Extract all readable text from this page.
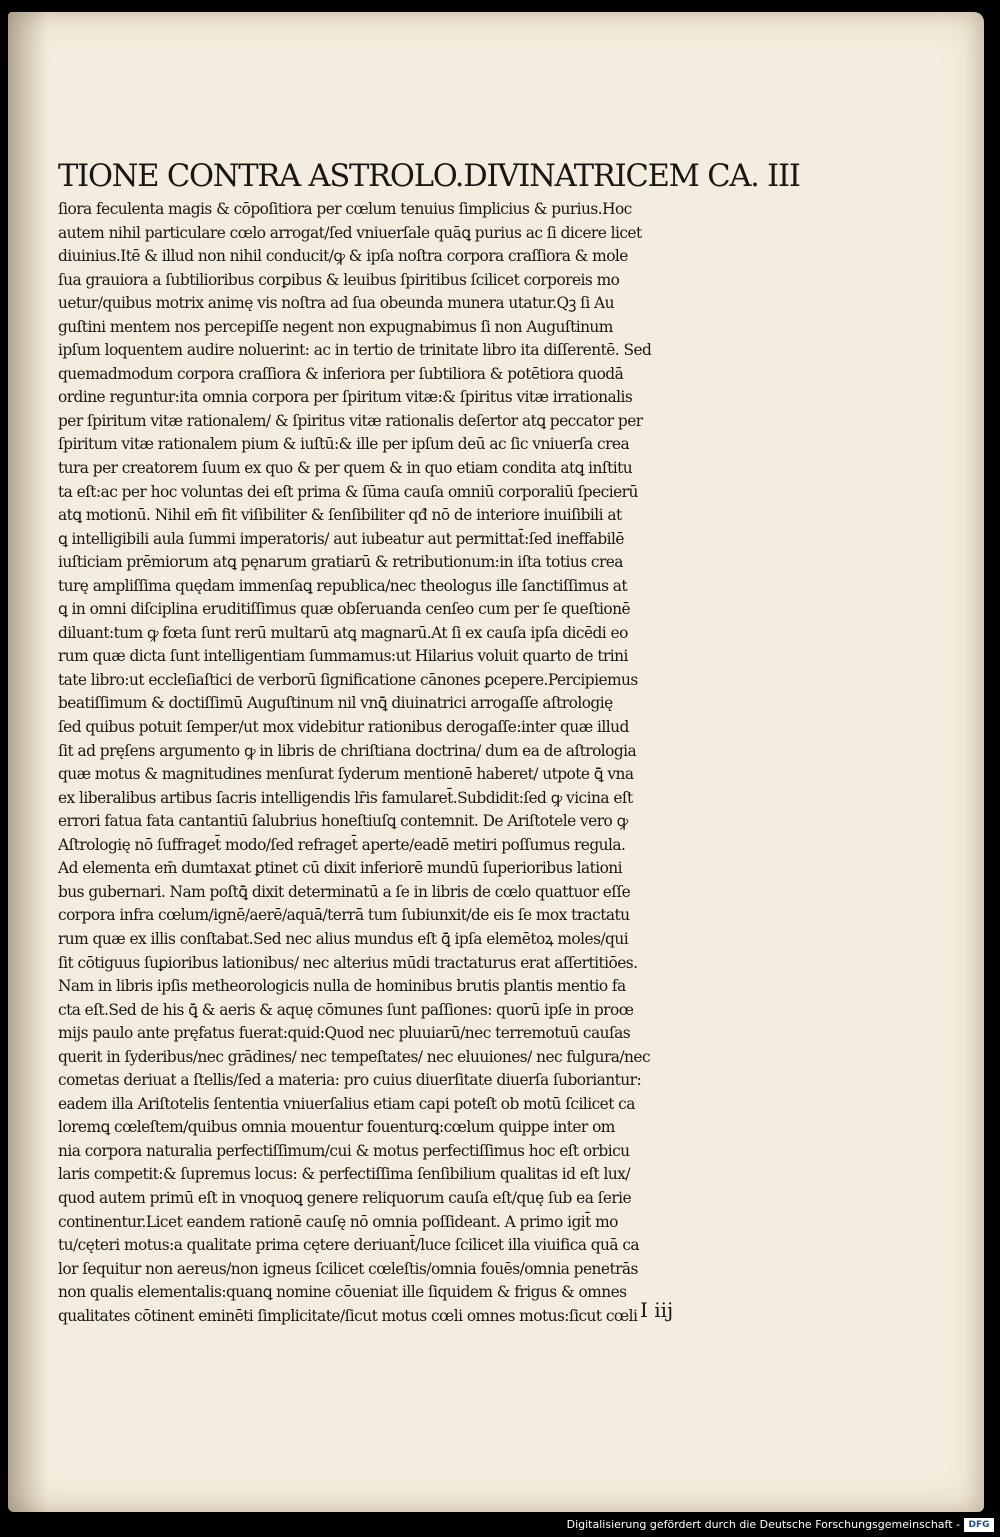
TIONE CONTRA ASTROLO.DIVINATRICEM CA. III
ſiora feculenta magis & cōpoſitiora per cœlum tenuius ſimplicius & purius.Hoc
autem nihil particulare cœlo arrogat/ſed vniuerſale quāꝗ purius ac ſi dicere licet
diuinius.Itē & illud non nihil conducit/ꝙ & ipſa noſtra corpora craſſiora & mole
ſua grauiora a ſubtilioribus corꝑibus & leuibus ſpiritibus ſcilicet corporeis mo
uetur/quibus motrix animę vis noſtra ad ſua obeunda munera utatur.Qꝫ ſi Au
guſtini mentem nos percepiſſe negent non expugnabimus ſi non Auguſtinum
ipſum loquentem audire noluerint: ac in tertio de trinitate libro ita diſſerentē. Sed
quemadmodum corpora craſſiora & inferiora per ſubtiliora & potētiora quodā
ordine reguntur:ita omnia corpora per ſpiritum vitæ:& ſpiritus vitæ irrationalis
per ſpiritum vitæ rationalem/ & ſpiritus vitæ rationalis deſertor atꝗ peccator per
ſpiritum vitæ rationalem pium & iuſtū:& ille per ipſum deū ac ſic vniuerſa crea
tura per creatorem ſuum ex quo & per quem & in quo etiam condita atꝗ inſtitu
ta eſt:ac per hoc voluntas dei eſt prima & ſūma cauſa omniū corporaliū ſpecierū
atꝗ motionū. Nihil em̄ fit viſibiliter & ſenſibiliter qđ nō de interiore inuiſibili at
ꝗ intelligibili aula ſummi imperatoris/ aut iubeatur aut permittat̄:ſed ineffabilē
iuſticiam prēmiorum atꝗ pęnarum gratiarū & retributionum:in iſta totius crea
turę ampliſſima quędam immenſaꝗ republica/nec theologus ille ſanctiſſimus at
ꝗ in omni diſciplina eruditiſſimus quæ obſeruanda cenſeo cum per ſe queſtionē
diluant:tum ꝙ fœta ſunt rerū multarū atꝗ magnarū.At ſi ex cauſa ipſa dicēdi eo
rum quæ dicta ſunt intelligentiam ſummamus:ut Hilarius voluit quarto de trini
tate libro:ut eccleſiaſtici de verborū ſignificatione cānones ꝑcepere.Percipiemus
beatiſſimum & doctiſſimū Auguſtinum nil vnꝗ̄ diuinatrici arrogaſſe aſtrologię
ſed quibus potuit ſemper/ut mox videbitur rationibus derogaſſe:inter quæ illud
ſit ad pręſens argumento ꝙ in libris de chriſtiana doctrina/ dum ea de aſtrologia
quæ motus & magnitudines menſurat ſyderum mentionē haberet/ utpote ꝗ̄ vna
ex liberalibus artibus ſacris intelligendis lr̄is famularet̄.Subdidit:ſed ꝙ vicina eſt
errori fatua fata cantantiū ſalubrius honeſtiuſꝗ contemnit. De Ariſtotele vero ꝙ
Aſtrologię nō ſuffraget̄ modo/ſed refraget̄ aperte/eadē metiri poſſumus regula.
Ad elementa em̄ dumtaxat ꝑtinet cū dixit inferiorē mundū ſuperioribus lationi
bus gubernari. Nam poſtꝗ̄ dixit determinatū a ſe in libris de cœlo quattuor eſſe
corpora infra cœlum/ignē/aerē/aquā/terrā tum ſubiunxit/de eis ſe mox tractatu
rum quæ ex illis conſtabat.Sed nec alius mundus eſt ꝗ̄ ipſa elemētoꝝ moles/qui
ſit cōtiguus ſuꝑioribus lationibus/ nec alterius mūdi tractaturus erat aſſertitiōes.
Nam in libris ipſis metheorologicis nulla de hominibus brutis plantis mentio fa
cta eſt.Sed de his ꝗ̄ & aeris & aquę cōmunes ſunt paſſiones: quorū ipſe in proœ
mijs paulo ante pręfatus fuerat:quid:Quod nec pluuiarū/nec terremotuū cauſas
querit in ſyderibus/nec grādines/ nec tempeſtates/ nec eluuiones/ nec fulgura/nec
cometas deriuat a ſtellis/ſed a materia: pro cuius diuerſitate diuerſa ſuboriantur:
eadem illa Ariſtotelis ſententia vniuerſalius etiam capi poteſt ob motū ſcilicet ca
loremꝗ cœleſtem/quibus omnia mouentur fouenturꝗ:cœlum quippe inter om
nia corpora naturalia perfectiſſimum/cui & motus perfectiſſimus hoc eſt orbicu
laris competit:& ſupremus locus: & perfectiſſima ſenſibilium qualitas id eſt lux/
quod autem primū eſt in vnoquoꝗ genere reliquorum cauſa eſt/quę ſub ea ſerie
continentur.Licet eandem rationē cauſę nō omnia poſſideant. A primo igit̄ mo
tu/cęteri motus:a qualitate prima cętere deriuant̄/luce ſcilicet illa viuifica quā ca
lor ſequitur non aereus/non igneus ſcilicet cœleſtis/omnia fouēs/omnia penetrās
non qualis elementalis:quanꝗ nomine cōueniat ille ſiquidem & frigus & omnes
qualitates cōtinent eminēti ſimplicitate/ſicut motus cœli omnes motus:ſicut cœli I iij
Digitalisierung gefördert durch die Deutsche Forschungsgemeinschaft - DFG
